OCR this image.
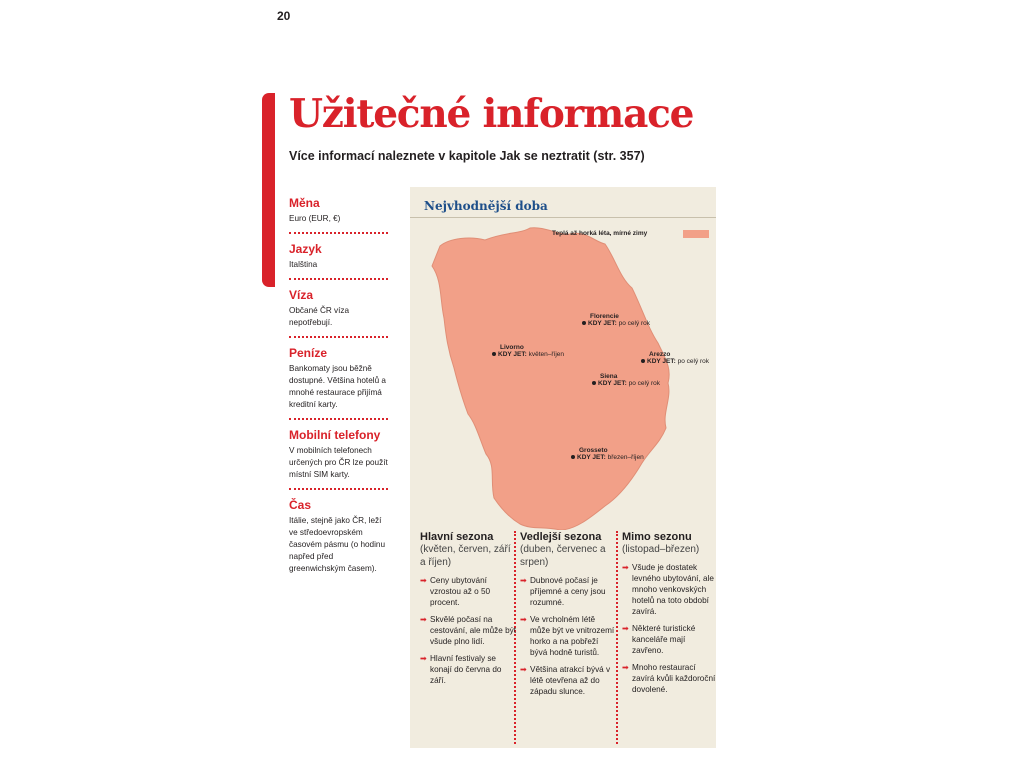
20
Užitečné informace
Více informací naleznete v kapitole Jak se neztratit (str. 357)
Měna
Euro (EUR, €)
Jazyk
Italština
Víza
Občané ČR víza nepotřebují.
Peníze
Bankomaty jsou běžně dostupné. Většina hotelů a mnohé restaurace přijímá kreditní karty.
Mobilní telefony
V mobilních telefonech určených pro ČR lze použít místní SIM karty.
Čas
Itálie, stejně jako ČR, leží ve středoevropském časovém pásmu (o hodinu napřed před greenwichským časem).
Nejvhodnější doba
Teplá až horká léta, mírné zimy
Florencie
KDY JET: po celý rok
Livorno
KDY JET: květen–říjen	Arezzo
KDY JET: po celý rok
Siena
KDY JET: po celý rok
Grosseto
KDY JET: březen–říjen
Hlavní sezona
(květen, červen, září a říjen)
➡ Ceny ubytování vzrostou až o 50 procent.
➡ Skvělé počasí na cestování, ale může být všude plno lidí.
➡ Hlavní festivaly se konají do června do září.
Vedlejší sezona
(duben, červenec a srpen)
➡ Dubnové počasí je příjemné a ceny jsou rozumné.
➡ Ve vrcholném létě může být ve vnitrozemí horko a na pobřeží bývá hodně turistů.
➡ Většina atrakcí bývá v létě otevřena až do západu slunce.
Mimo sezonu
(listopad–březen)
➡ Všude je dostatek levného ubytování, ale mnoho venkovských hotelů na toto období zavírá.
➡ Některé turistické kanceláře mají zavřeno.
➡ Mnoho restaurací zavírá kvůli každoroční dovolené.
